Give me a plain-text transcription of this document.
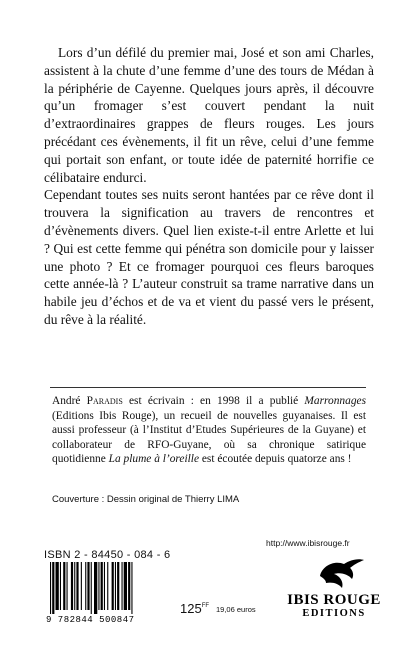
Lors d’un défilé du premier mai, José et son ami Charles, assistent à la chute d’une femme d’une des tours de Médan à la périphérie de Cayenne. Quelques jours après, il découvre qu’un fromager s’est couvert pendant la nuit d’extraordinaires grappes de fleurs rouges. Les jours précédant ces évènements, il fit un rêve, celui d’une femme qui portait son enfant, or toute idée de paternité horrifie ce célibataire endurci.

Cependant toutes ses nuits seront hantées par ce rêve dont il trouvera la signification au travers de rencontres et d’évènements divers. Quel lien existe-t-il entre Arlette et lui ? Qui est cette femme qui pénétra son domicile pour y laisser une photo ? Et ce fromager pourquoi ces fleurs baroques cette année-là ? L’auteur construit sa trame narrative dans un habile jeu d’échos et de va et vient du passé vers le présent, du rêve à la réalité.

André Paradis est écrivain : en 1998 il a publié Marronnages (Editions Ibis Rouge), un recueil de nouvelles guyanaises. Il est aussi professeur (à l’Institut d’Etudes Supérieures de la Guyane) et collaborateur de RFO-Guyane, où sa chronique satirique quotidienne La plume à l’oreille est écoutée depuis quatorze ans !

Couverture : Dessin original de Thierry LIMA
http://www.ibisrouge.fr
ISBN 2 - 84450 - 084 - 6
9 782844 500847
$125^{FF}$ 19,06 euros
IBIS ROUGE
EDITIONS
